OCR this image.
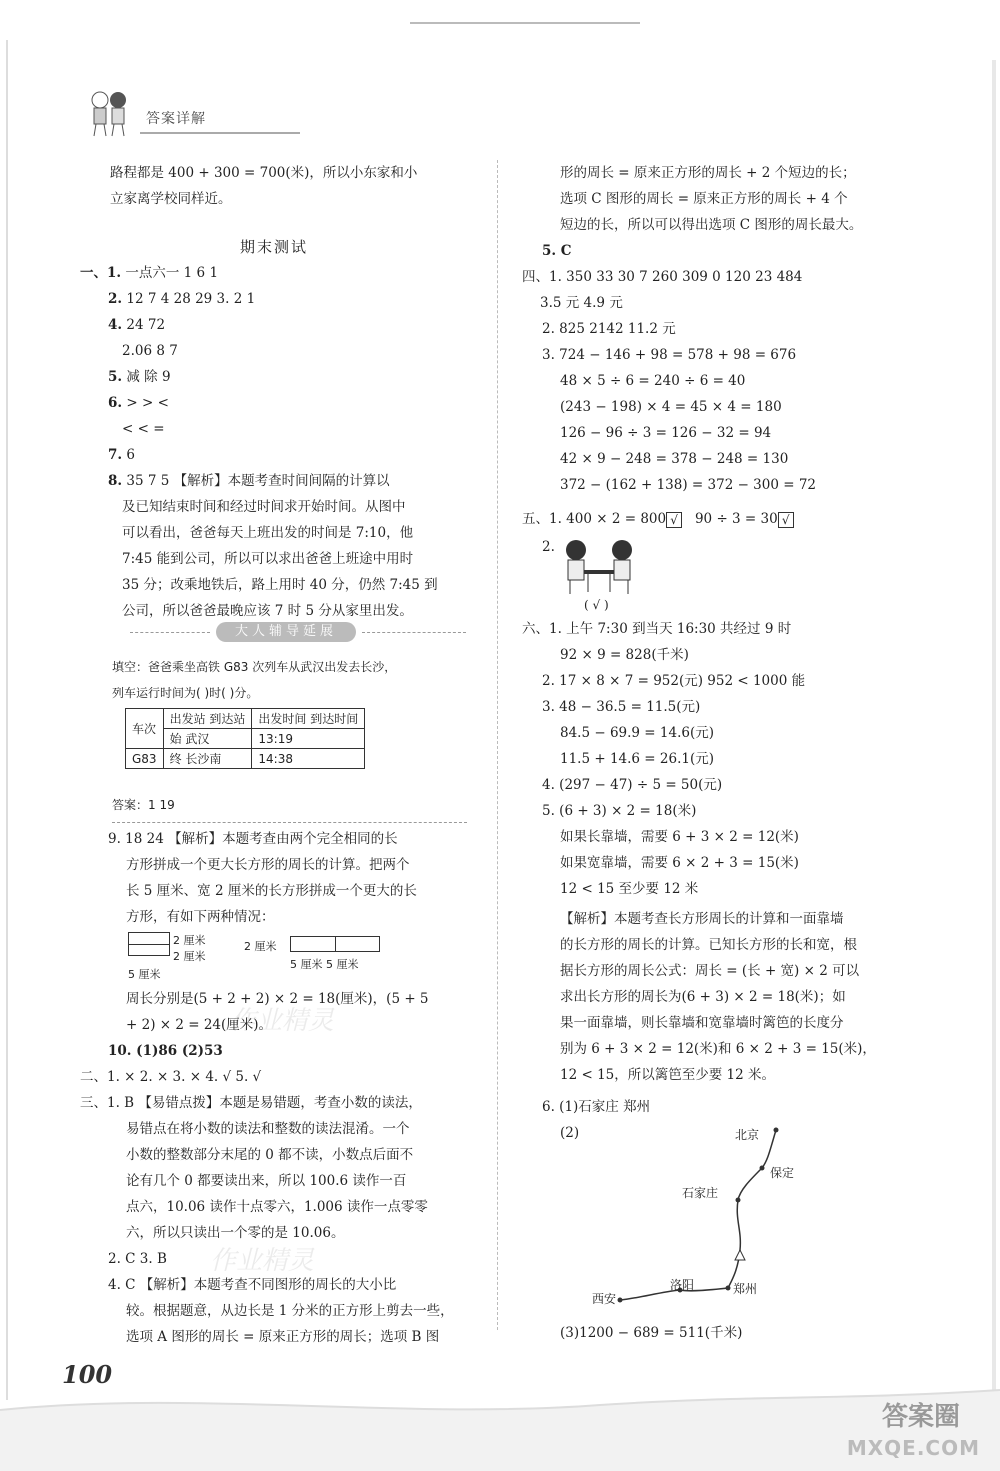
答案详解
路程都是 400 + 300 = 700(米)，所以小东家和小
立家离学校同样近。
期末测试
一、1. 一点六一 1 6 1
2. 12 7 4 28 29 3. 2 1
4. 24 72
2.06 8 7
5. 减 除 9
6. > > <
< < =
7. 6
8. 35 7 5 【解析】本题考查时间间隔的计算以
及已知结束时间和经过时间求开始时间。从图中
可以看出，爸爸每天上班出发的时间是 7:10，他
7:45 能到公司，所以可以求出爸爸上班途中用时
35 分；改乘地铁后，路上用时 40 分，仍然 7:45 到
公司，所以爸爸最晚应该 7 时 5 分从家里出发。
大人辅导延展
填空：爸爸乘坐高铁 G83 次列车从武汉出发去长沙，
列车运行时间为( )时( )分。
车次	出发站 到达站	出发时间 到达时间
	始 武汉	13:19
G83	终 长沙南	14:38
答案：1 19
9. 18 24 【解析】本题考查由两个完全相同的长
方形拼成一个更大长方形的周长的计算。把两个
长 5 厘米、宽 2 厘米的长方形拼成一个更大的长
方形，有如下两种情况：
2 厘米
2 厘米
5 厘米
2 厘米
5 厘米 5 厘米
周长分别是(5 + 2 + 2) × 2 = 18(厘米)，(5 + 5
+ 2) × 2 = 24(厘米)。
10. (1)86 (2)53
二、1. × 2. × 3. × 4. √ 5. √
三、1. B 【易错点拨】本题是易错题，考查小数的读法，
易错点在将小数的读法和整数的读法混淆。一个
小数的整数部分末尾的 0 都不读，小数点后面不
论有几个 0 都要读出来，所以 100.6 读作一百
点六，10.06 读作十点零六，1.006 读作一点零零
六，所以只读出一个零的是 10.06。
2. C 3. B
4. C 【解析】本题考查不同图形的周长的大小比
较。根据题意，从边长是 1 分米的正方形上剪去一些，
选项 A 图形的周长 = 原来正方形的周长；选项 B 图
作业精灵
作业精灵
形的周长 = 原来正方形的周长 + 2 个短边的长；
选项 C 图形的周长 = 原来正方形的周长 + 4 个
短边的长，所以可以得出选项 C 图形的周长最大。
5. C
四、1. 350 33 30 7 260 309 0 120 23 484
3.5 元 4.9 元
2. 825 2142 11.2 元
3. 724 − 146 + 98 = 578 + 98 = 676
48 × 5 ÷ 6 = 240 ÷ 6 = 40
(243 − 198) × 4 = 45 × 4 = 180
126 − 96 ÷ 3 = 126 − 32 = 94
42 × 9 − 248 = 378 − 248 = 130
372 − (162 + 138) = 372 − 300 = 72
五、1. 400 × 2 = 800 √ 90 ÷ 3 = 30 √
2.
( √ )
六、1. 上午 7:30 到当天 16:30 共经过 9 时
92 × 9 = 828(千米)
2. 17 × 8 × 7 = 952(元) 952 < 1000 能
3. 48 − 36.5 = 11.5(元)
84.5 − 69.9 = 14.6(元)
11.5 + 14.6 = 26.1(元)
4. (297 − 47) ÷ 5 = 50(元)
5. (6 + 3) × 2 = 18(米)
如果长靠墙，需要 6 + 3 × 2 = 12(米)
如果宽靠墙，需要 6 × 2 + 3 = 15(米)
12 < 15 至少要 12 米
【解析】本题考查长方形周长的计算和一面靠墙
的长方形的周长的计算。已知长方形的长和宽，根
据长方形的周长公式：周长 = (长 + 宽) × 2 可以
求出长方形的周长为(6 + 3) × 2 = 18(米)；如
果一面靠墙，则长靠墙和宽靠墙时篱笆的长度分
别为 6 + 3 × 2 = 12(米)和 6 × 2 + 3 = 15(米)，
12 < 15，所以篱笆至少要 12 米。
6. (1)石家庄 郑州
(2)	北京
保定
石家庄
郑州
洛阳
西安
(3)1200 − 689 = 511(千米)
100
答案圈
MXQE.COM
